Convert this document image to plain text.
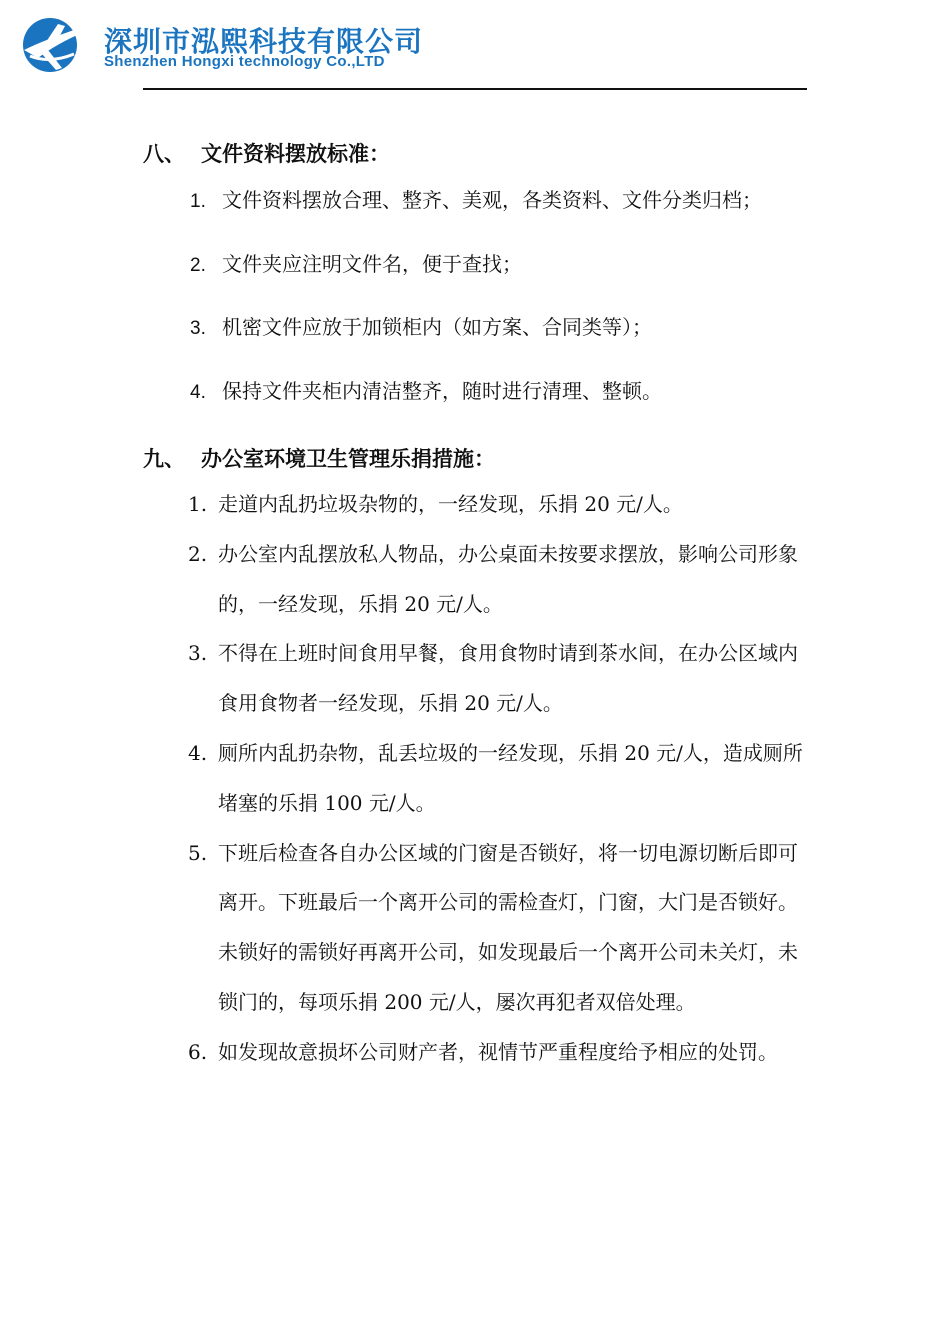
深圳市泓熙科技有限公司
Shenzhen Hongxi technology Co.,LTD
八、 文件资料摆放标准：
1. 文件资料摆放合理、整齐、美观，各类资料、文件分类归档；
2. 文件夹应注明文件名，便于查找；
3. 机密文件应放于加锁柜内（如方案、合同类等）；
4. 保持文件夹柜内清洁整齐，随时进行清理、整顿。
九、 办公室环境卫生管理乐捐措施：
1. 走道内乱扔垃圾杂物的，一经发现，乐捐 20 元/人。
2. 办公室内乱摆放私人物品，办公桌面未按要求摆放，影响公司形象的，一经发现，乐捐 20 元/人。
3. 不得在上班时间食用早餐，食用食物时请到茶水间，在办公区域内食用食物者一经发现，乐捐 20 元/人。
4. 厕所内乱扔杂物，乱丢垃圾的一经发现，乐捐 20 元/人，造成厕所堵塞的乐捐 100 元/人。
5. 下班后检查各自办公区域的门窗是否锁好，将一切电源切断后即可离开。下班最后一个离开公司的需检查灯，门窗，大门是否锁好。未锁好的需锁好再离开公司，如发现最后一个离开公司未关灯，未锁门的，每项乐捐 200 元/人，屡次再犯者双倍处理。
6. 如发现故意损坏公司财产者，视情节严重程度给予相应的处罚。
